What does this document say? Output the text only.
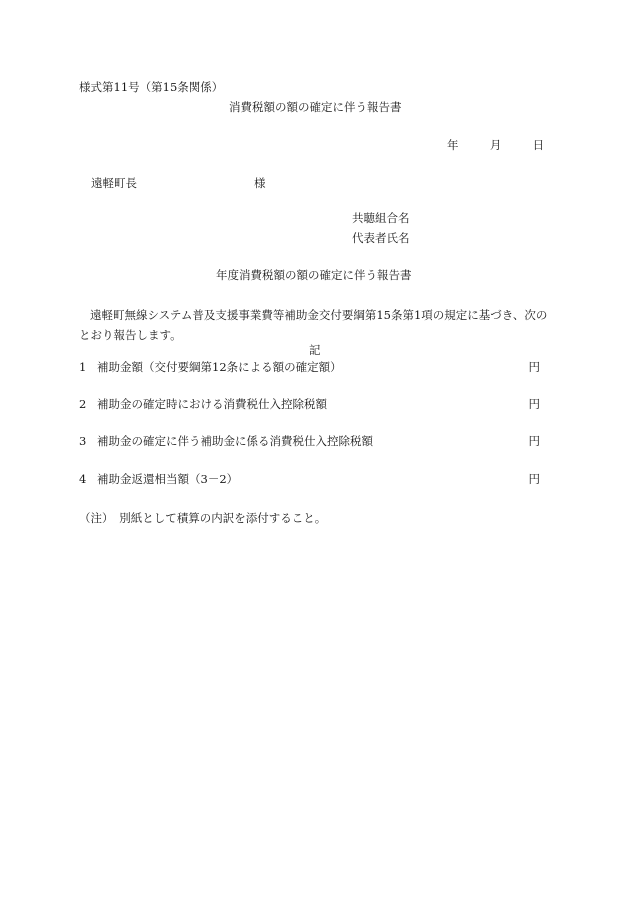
様式第11号（第15条関係）
消費税額の額の確定に伴う報告書
年	月	日
遠軽町長	様
共聴組合名
代表者氏名
年度消費税額の額の確定に伴う報告書
遠軽町無線システム普及支援事業費等補助金交付要綱第15条第1項の規定に基づき、次のとおり報告します。
記
1 補助金額（交付要綱第12条による額の確定額）	円
2 補助金の確定時における消費税仕入控除税額	円
3 補助金の確定に伴う補助金に係る消費税仕入控除税額	円
4 補助金返還相当額（3－2）	円
（注）　別紙として積算の内訳を添付すること。
